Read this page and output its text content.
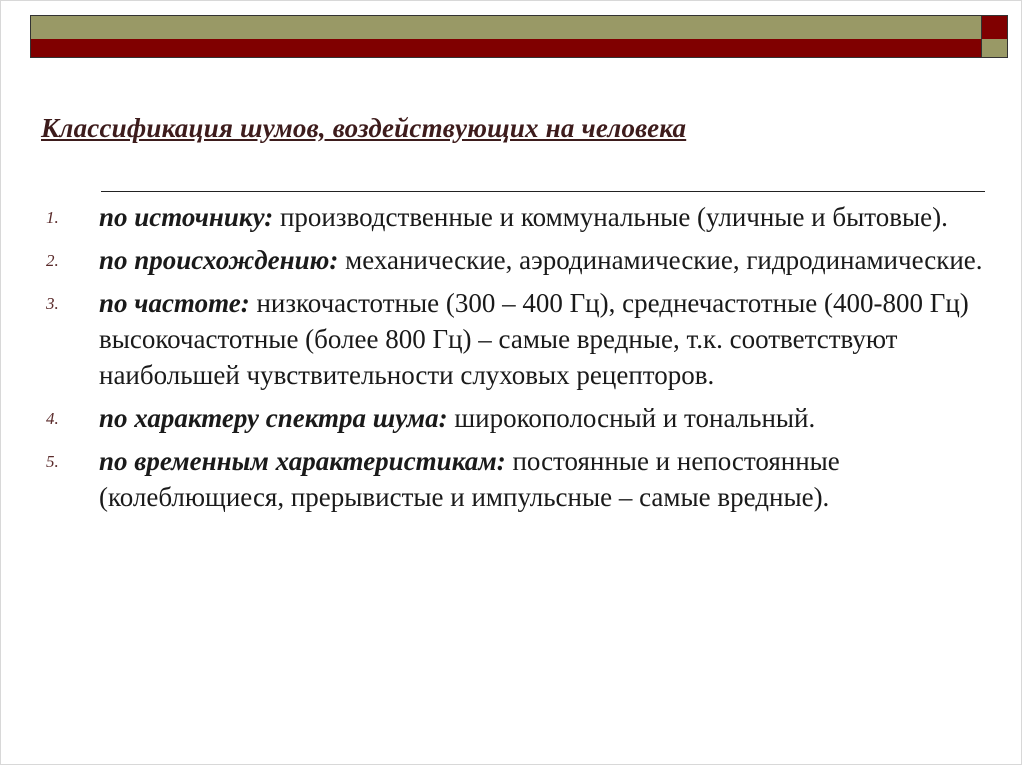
Классификация шумов, воздействующих на человека
1. по источнику: производственные и коммунальные (уличные и бытовые).
2. по происхождению: механические, аэродинамические, гидродинамические.
3. по частоте: низкочастотные (300 – 400 Гц), среднечастотные (400-800 Гц) высокочастотные (более 800 Гц) – самые вредные, т.к. соответствуют наибольшей чувствительности слуховых рецепторов.
4. по характеру спектра шума: широкополосный и тональный.
5. по временным характеристикам: постоянные и непостоянные (колеблющиеся, прерывистые и импульсные – самые вредные).
